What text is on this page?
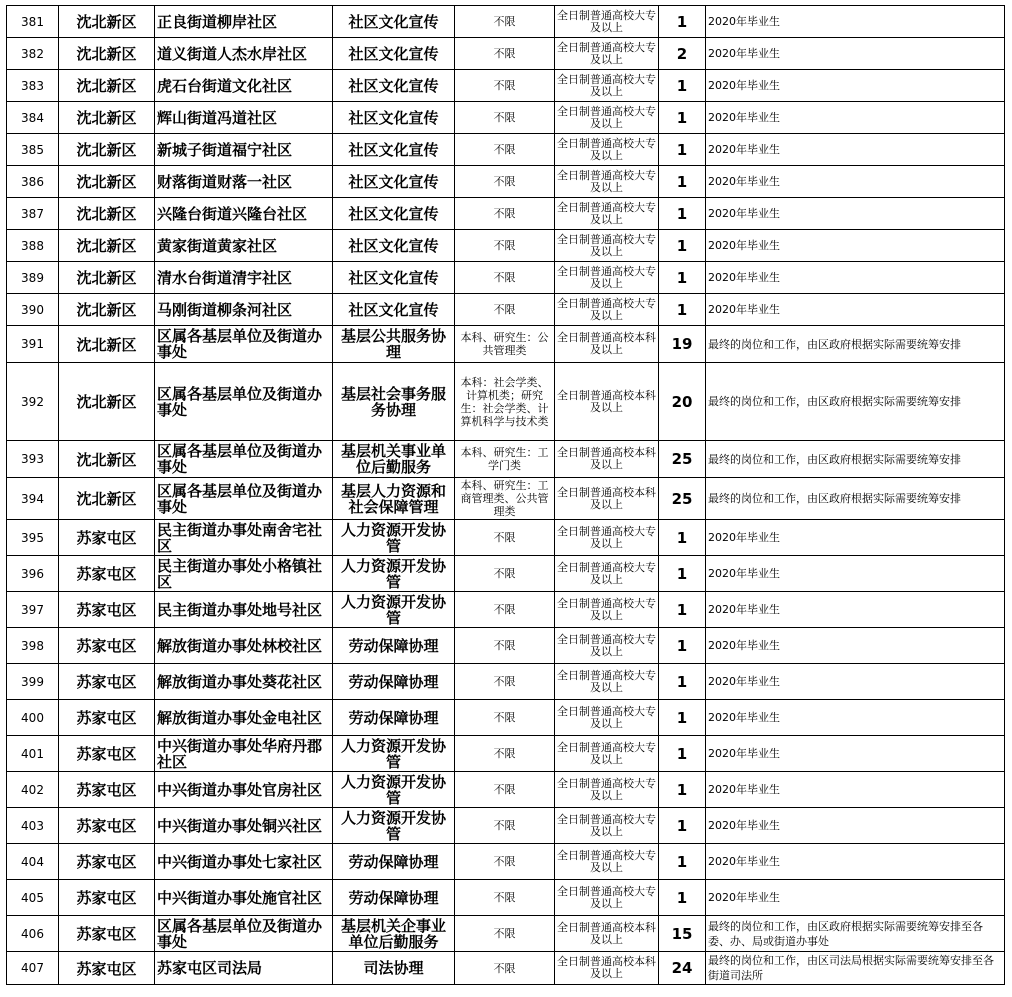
381	沈北新区	正良街道柳岸社区	社区文化宣传	不限	全日制普通高校大专及以上	1	2020年毕业生
382	沈北新区	道义街道人杰水岸社区	社区文化宣传	不限	全日制普通高校大专及以上	2	2020年毕业生
383	沈北新区	虎石台街道文化社区	社区文化宣传	不限	全日制普通高校大专及以上	1	2020年毕业生
384	沈北新区	辉山街道冯道社区	社区文化宣传	不限	全日制普通高校大专及以上	1	2020年毕业生
385	沈北新区	新城子街道福宁社区	社区文化宣传	不限	全日制普通高校大专及以上	1	2020年毕业生
386	沈北新区	财落街道财落一社区	社区文化宣传	不限	全日制普通高校大专及以上	1	2020年毕业生
387	沈北新区	兴隆台街道兴隆台社区	社区文化宣传	不限	全日制普通高校大专及以上	1	2020年毕业生
388	沈北新区	黄家街道黄家社区	社区文化宣传	不限	全日制普通高校大专及以上	1	2020年毕业生
389	沈北新区	清水台街道清宇社区	社区文化宣传	不限	全日制普通高校大专及以上	1	2020年毕业生
390	沈北新区	马刚街道柳条河社区	社区文化宣传	不限	全日制普通高校大专及以上	1	2020年毕业生
391	沈北新区	区属各基层单位及街道办事处	基层公共服务协理	本科、研究生：公共管理类	全日制普通高校本科及以上	19	最终的岗位和工作，由区政府根据实际需要统筹安排
392	沈北新区	区属各基层单位及街道办事处	基层社会事务服务协理	本科：社会学类、计算机类；研究生：社会学类、计算机科学与技术类	全日制普通高校本科及以上	20	最终的岗位和工作，由区政府根据实际需要统筹安排
393	沈北新区	区属各基层单位及街道办事处	基层机关事业单位后勤服务	本科、研究生：工学门类	全日制普通高校本科及以上	25	最终的岗位和工作，由区政府根据实际需要统筹安排
394	沈北新区	区属各基层单位及街道办事处	基层人力资源和社会保障管理	本科、研究生：工商管理类、公共管理类	全日制普通高校本科及以上	25	最终的岗位和工作，由区政府根据实际需要统筹安排
395	苏家屯区	民主街道办事处南舍宅社区	人力资源开发协管	不限	全日制普通高校大专及以上	1	2020年毕业生
396	苏家屯区	民主街道办事处小格镇社区	人力资源开发协管	不限	全日制普通高校大专及以上	1	2020年毕业生
397	苏家屯区	民主街道办事处地号社区	人力资源开发协管	不限	全日制普通高校大专及以上	1	2020年毕业生
398	苏家屯区	解放街道办事处林校社区	劳动保障协理	不限	全日制普通高校大专及以上	1	2020年毕业生
399	苏家屯区	解放街道办事处葵花社区	劳动保障协理	不限	全日制普通高校大专及以上	1	2020年毕业生
400	苏家屯区	解放街道办事处金电社区	劳动保障协理	不限	全日制普通高校大专及以上	1	2020年毕业生
401	苏家屯区	中兴街道办事处华府丹郡社区	人力资源开发协管	不限	全日制普通高校大专及以上	1	2020年毕业生
402	苏家屯区	中兴街道办事处官房社区	人力资源开发协管	不限	全日制普通高校大专及以上	1	2020年毕业生
403	苏家屯区	中兴街道办事处铜兴社区	人力资源开发协管	不限	全日制普通高校大专及以上	1	2020年毕业生
404	苏家屯区	中兴街道办事处七家社区	劳动保障协理	不限	全日制普通高校大专及以上	1	2020年毕业生
405	苏家屯区	中兴街道办事处施官社区	劳动保障协理	不限	全日制普通高校大专及以上	1	2020年毕业生
406	苏家屯区	区属各基层单位及街道办事处	基层机关企事业单位后勤服务	不限	全日制普通高校本科及以上	15	最终的岗位和工作，由区政府根据实际需要统筹安排至各委、办、局或街道办事处
407	苏家屯区	苏家屯区司法局	司法协理	不限	全日制普通高校本科及以上	24	最终的岗位和工作，由区司法局根据实际需要统筹安排至各街道司法所
